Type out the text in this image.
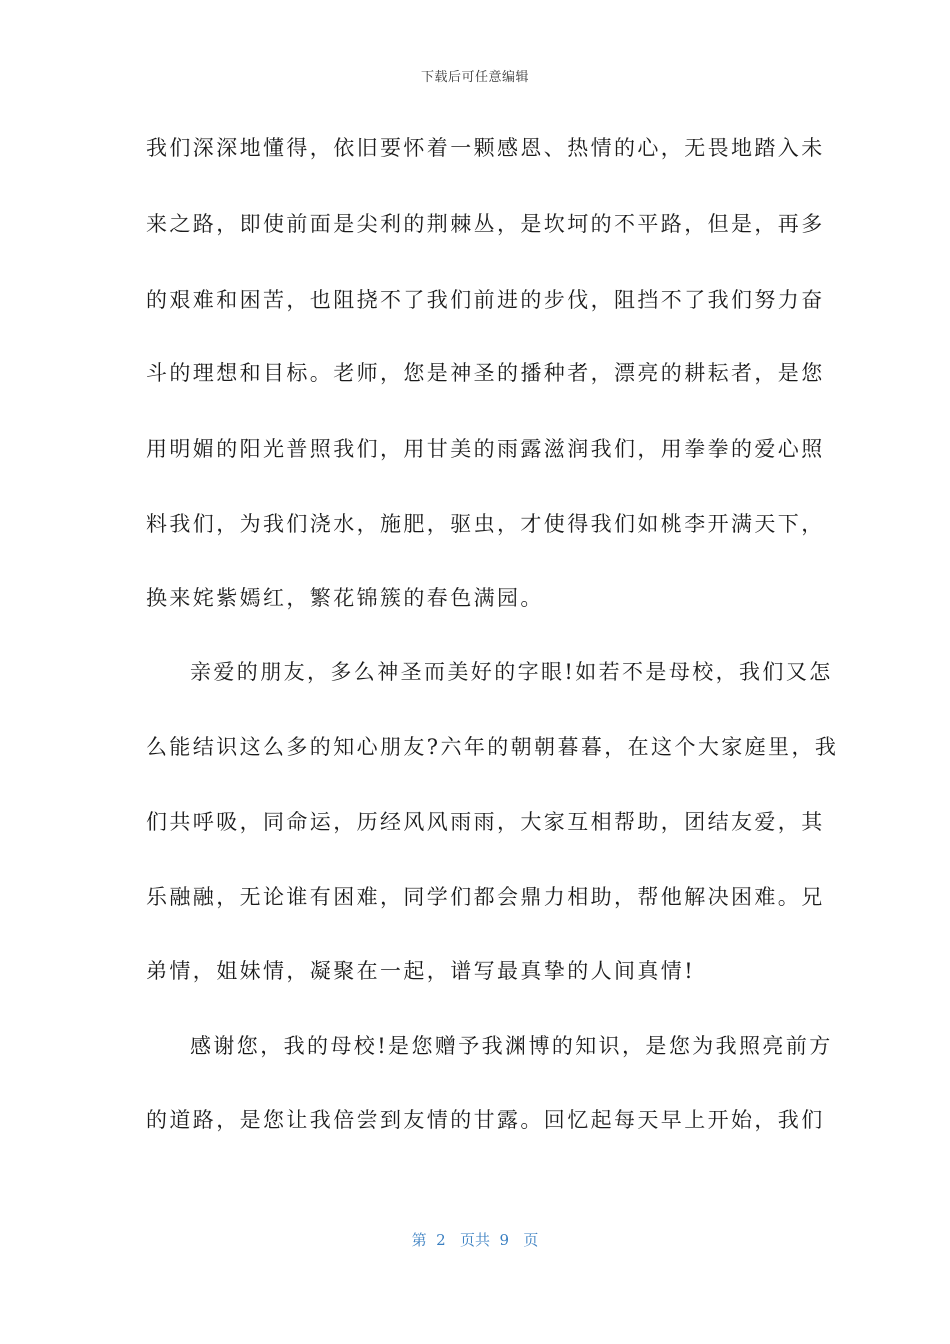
下载后可任意编辑
我们深深地懂得，依旧要怀着一颗感恩、热情的心，无畏地踏入未
来之路，即使前面是尖利的荆棘丛，是坎坷的不平路，但是，再多
的艰难和困苦，也阻挠不了我们前进的步伐，阻挡不了我们努力奋
斗的理想和目标。老师，您是神圣的播种者，漂亮的耕耘者，是您
用明媚的阳光普照我们，用甘美的雨露滋润我们，用拳拳的爱心照
料我们，为我们浇水，施肥，驱虫，才使得我们如桃李开满天下，
换来姹紫嫣红，繁花锦簇的春色满园。
亲爱的朋友，多么神圣而美好的字眼!如若不是母校，我们又怎
么能结识这么多的知心朋友?六年的朝朝暮暮，在这个大家庭里，我
们共呼吸，同命运，历经风风雨雨，大家互相帮助，团结友爱，其
乐融融，无论谁有困难，同学们都会鼎力相助，帮他解决困难。兄
弟情，姐妹情，凝聚在一起，谱写最真挚的人间真情!
感谢您，我的母校!是您赠予我渊博的知识，是您为我照亮前方
的道路，是您让我倍尝到友情的甘露。回忆起每天早上开始，我们
第  2   页共  9   页
